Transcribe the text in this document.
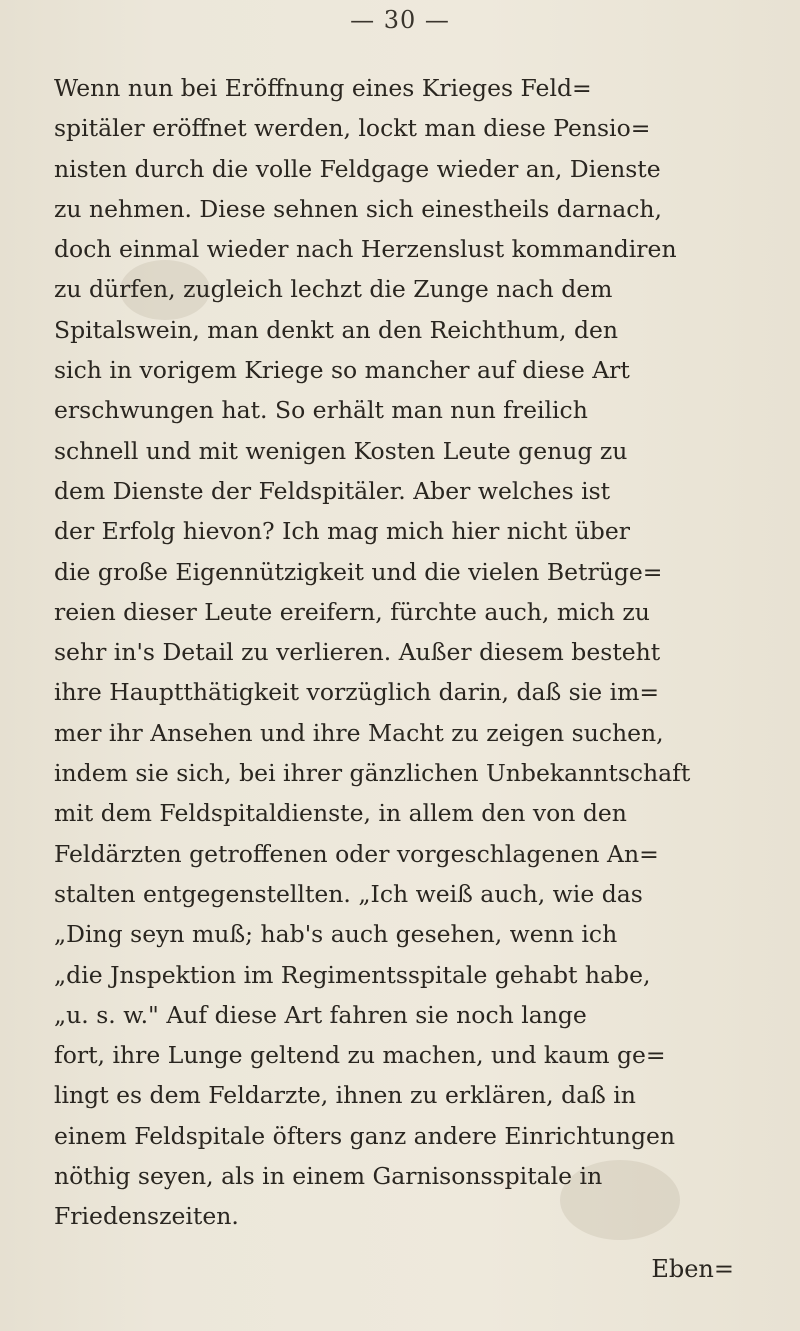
— 30 —

Wenn nun bei Eröffnung eines Krieges Feld=
spitäler eröffnet werden, lockt man diese Pensio=
nisten durch die volle Feldgage wieder an, Dienste
zu nehmen. Diese sehnen sich einestheils darnach,
doch einmal wieder nach Herzenslust kommandiren
zu dürfen, zugleich lechzt die Zunge nach dem
Spitalswein, man denkt an den Reichthum, den
sich in vorigem Kriege so mancher auf diese Art
erschwungen hat. So erhält man nun freilich
schnell und mit wenigen Kosten Leute genug zu
dem Dienste der Feldspitäler. Aber welches ist
der Erfolg hievon? Ich mag mich hier nicht über
die große Eigennützigkeit und die vielen Betrüge=
reien dieser Leute ereifern, fürchte auch, mich zu
sehr in's Detail zu verlieren. Außer diesem besteht
ihre Hauptthätigkeit vorzüglich darin, daß sie im=
mer ihr Ansehen und ihre Macht zu zeigen suchen,
indem sie sich, bei ihrer gänzlichen Unbekanntschaft
mit dem Feldspitaldienste, in allem den von den
Feldärzten getroffenen oder vorgeschlagenen An=
stalten entgegenstellten. „Ich weiß auch, wie das
„Ding seyn muß; hab's auch gesehen, wenn ich
„die Jnspektion im Regimentsspitale gehabt habe,
„u. s. w." Auf diese Art fahren sie noch lange
fort, ihre Lunge geltend zu machen, und kaum ge=
lingt es dem Feldarzte, ihnen zu erklären, daß in
einem Feldspitale öfters ganz andere Einrichtungen
nöthig seyen, als in einem Garnisonsspitale in
Friedenszeiten.

Eben=
